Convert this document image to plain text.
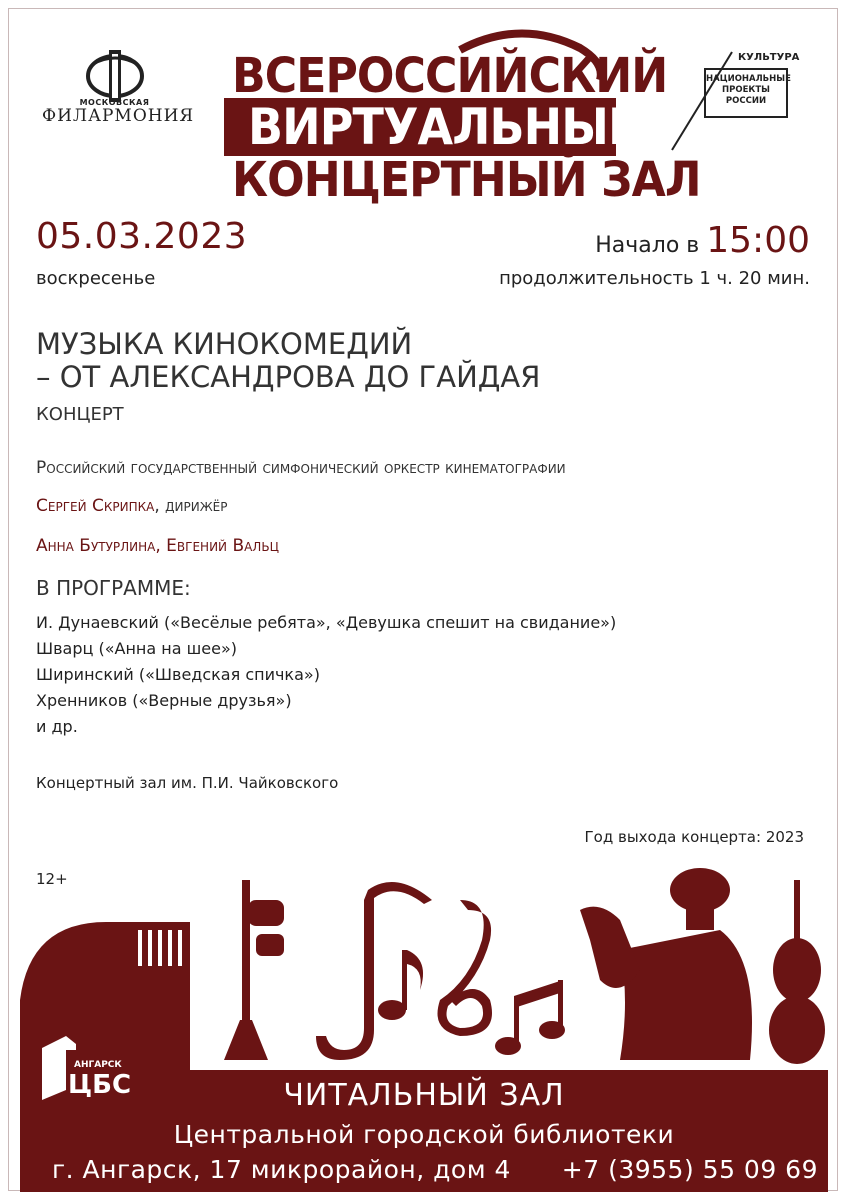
МОСКОВСКАЯ
ФИЛАРМОНИЯ
ВСЕРОССИЙСКИЙ
ВИРТУАЛЬНЫЙ
КОНЦЕРТНЫЙ ЗАЛ
КУЛЬТУРА
НАЦИОНАЛЬНЫЕ
ПРОЕКТЫ
РОССИИ
05.03.2023
воскресенье
Начало в 15:00
продолжительность 1 ч. 20 мин.
МУЗЫКА КИНОКОМЕДИЙ
– ОТ АЛЕКСАНДРОВА ДО ГАЙДАЯ
КОНЦЕРТ
Российский государственный симфонический оркестр кинематографии
Сергей Скрипка, дирижёр
Анна Бутурлина, Евгений Вальц
В ПРОГРАММЕ:
И. Дунаевский («Весёлые ребята», «Девушка спешит на свидание»)
Шварц («Анна на шее»)
Ширинский («Шведская спичка»)
Хренников («Верные друзья»)
и др.
Концертный зал им. П.И. Чайковского
Год выхода концерта: 2023
12+
АНГАРСК
ЦБС	ЧИТАЛЬНЫЙ ЗАЛ
Центральной городской библиотеки
г. Ангарск, 17 микрорайон, дом 4 +7 (3955) 55 09 69
